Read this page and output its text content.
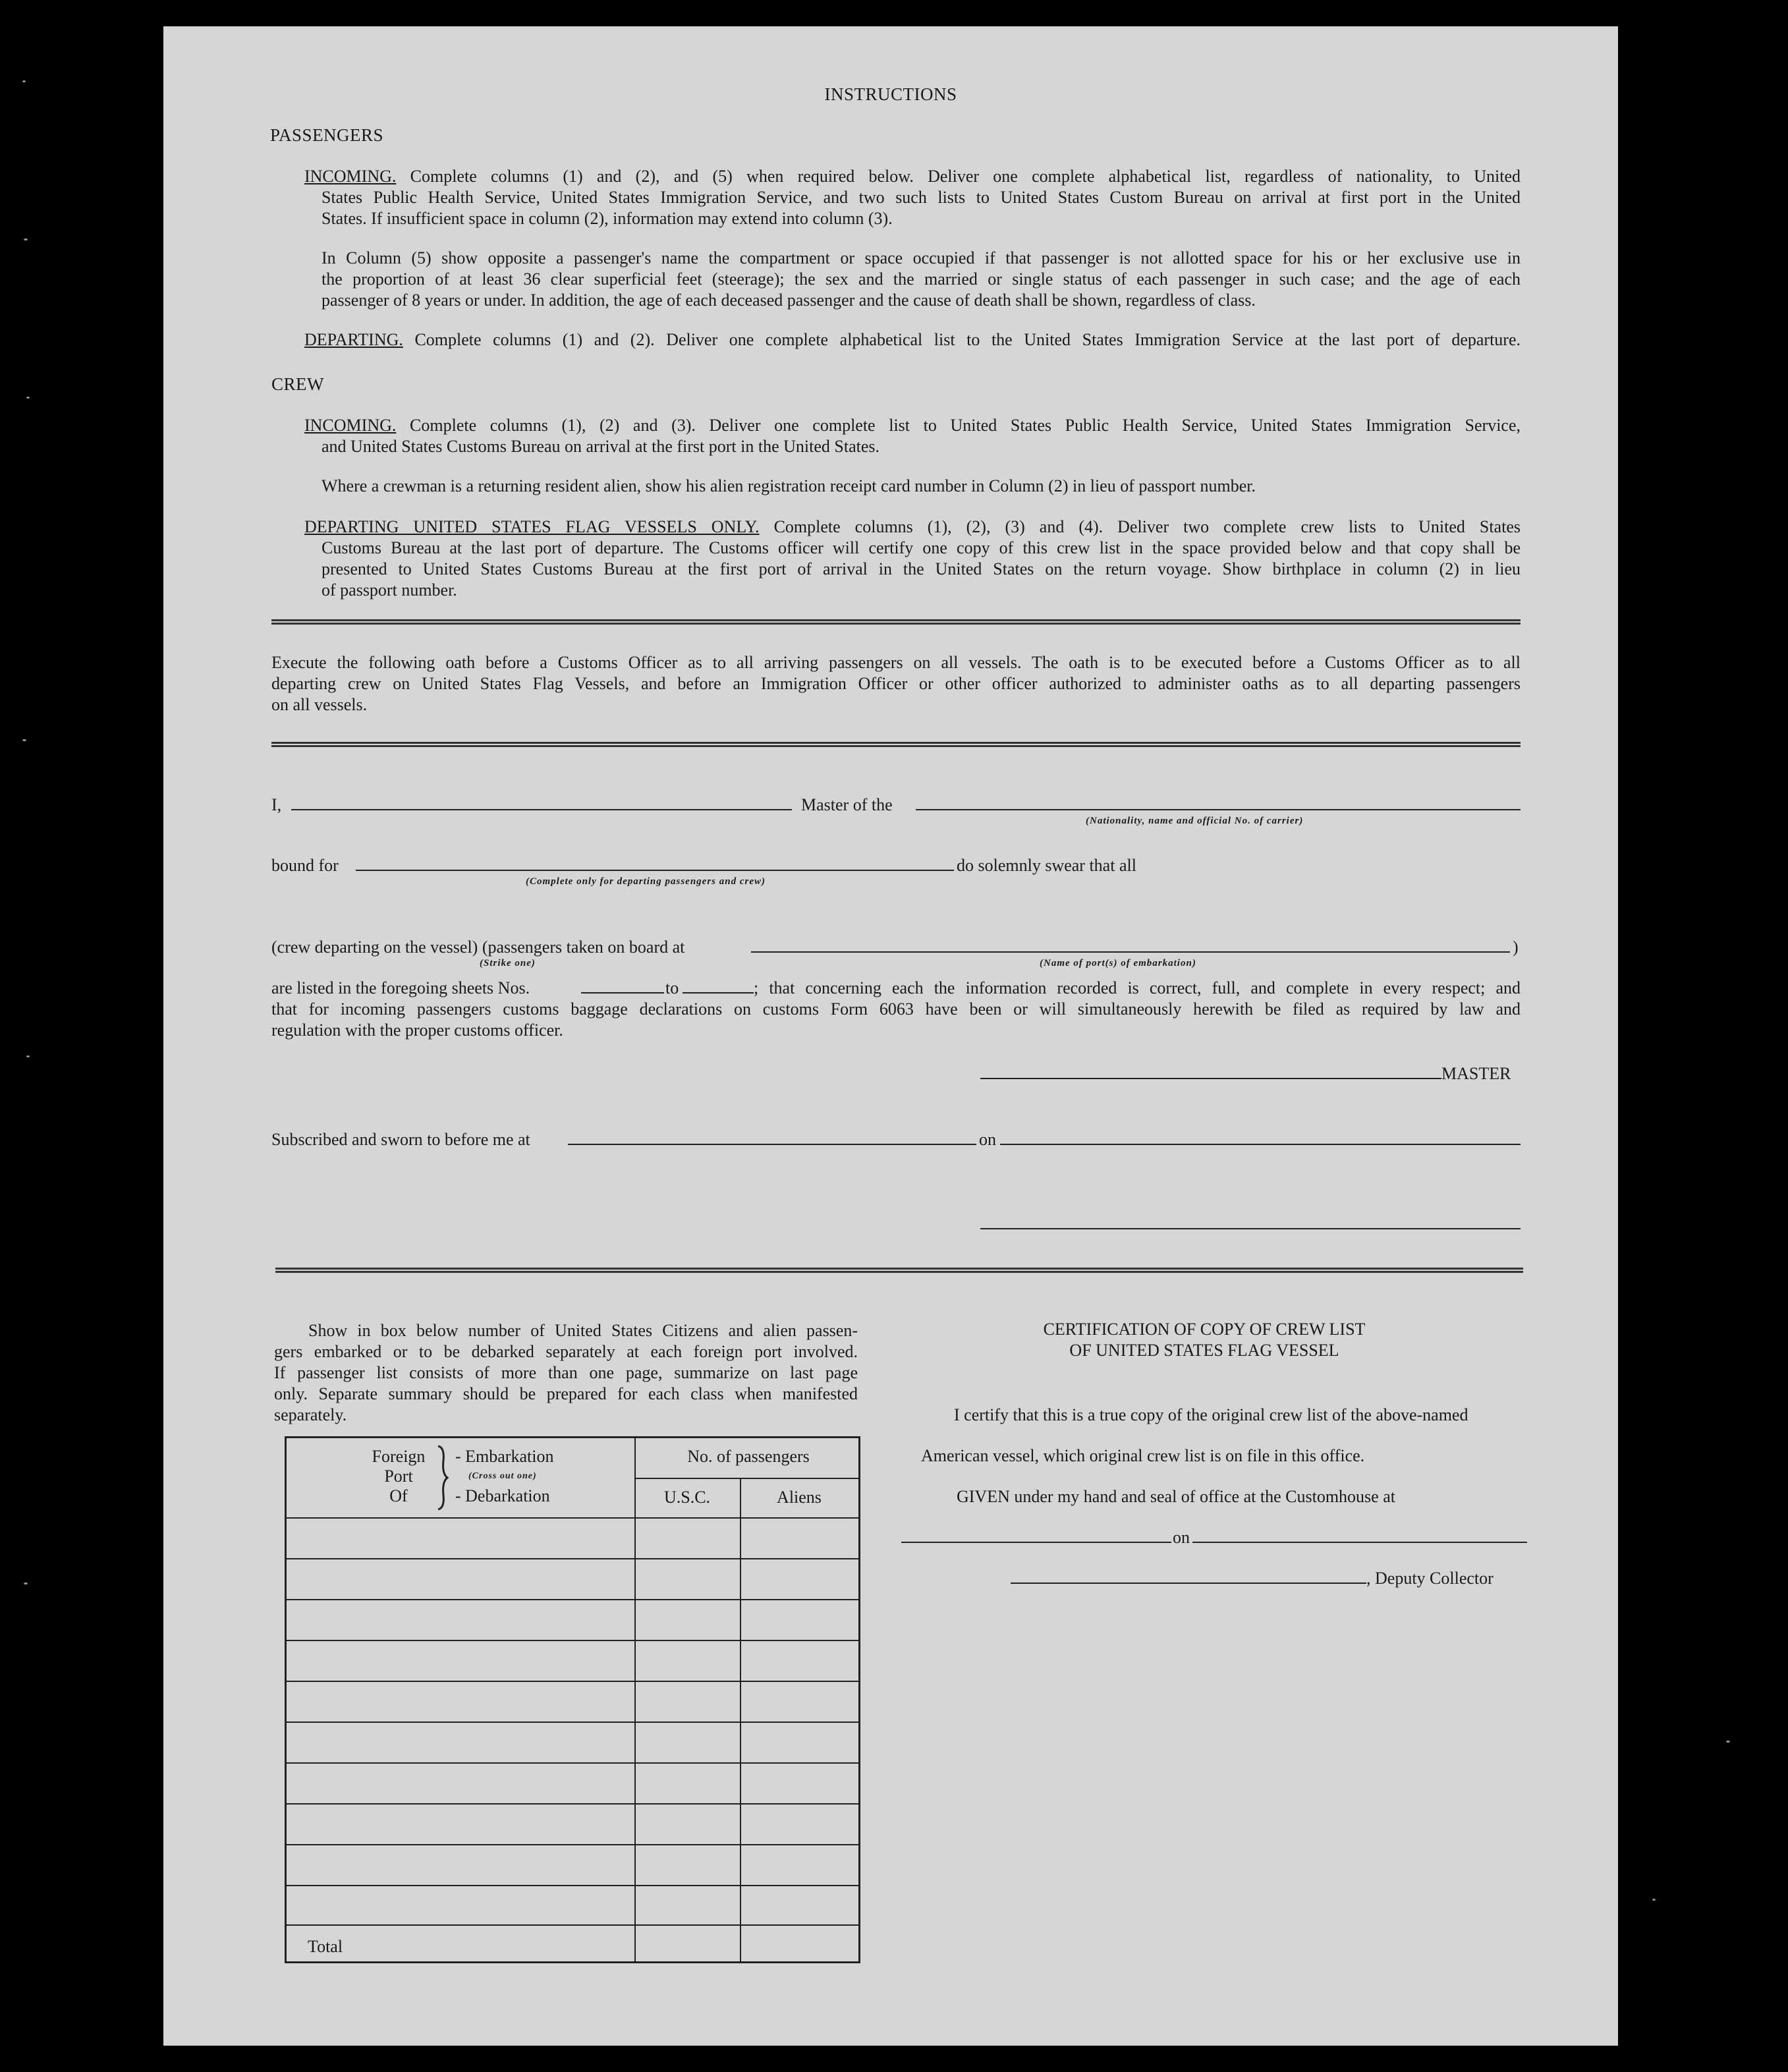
INSTRUCTIONS
PASSENGERS
INCOMING. Complete columns (1) and (2), and (5) when required below. Deliver one complete alphabetical list, regardless of nationality, to United
States Public Health Service, United States Immigration Service, and two such lists to United States Custom Bureau on arrival at first port in the United
States. If insufficient space in column (2), information may extend into column (3).
In Column (5) show opposite a passenger's name the compartment or space occupied if that passenger is not allotted space for his or her exclusive use in
the proportion of at least 36 clear superficial feet (steerage); the sex and the married or single status of each passenger in such case; and the age of each
passenger of 8 years or under. In addition, the age of each deceased passenger and the cause of death shall be shown, regardless of class.
DEPARTING. Complete columns (1) and (2). Deliver one complete alphabetical list to the United States Immigration Service at the last port of departure.
CREW
INCOMING. Complete columns (1), (2) and (3). Deliver one complete list to United States Public Health Service, United States Immigration Service,
and United States Customs Bureau on arrival at the first port in the United States.
Where a crewman is a returning resident alien, show his alien registration receipt card number in Column (2) in lieu of passport number.
DEPARTING UNITED STATES FLAG VESSELS ONLY. Complete columns (1), (2), (3) and (4). Deliver two complete crew lists to United States
Customs Bureau at the last port of departure. The Customs officer will certify one copy of this crew list in the space provided below and that copy shall be
presented to United States Customs Bureau at the first port of arrival in the United States on the return voyage. Show birthplace in column (2) in lieu
of passport number.
Execute the following oath before a Customs Officer as to all arriving passengers on all vessels. The oath is to be executed before a Customs Officer as to all
departing crew on United States Flag Vessels, and before an Immigration Officer or other officer authorized to administer oaths as to all departing passengers
on all vessels.
I,	Master of the
(Nationality, name and official No. of carrier)
bound for	do solemnly swear that all
(Complete only for departing passengers and crew)
(crew departing on the vessel) (passengers taken on board at	)
(Strike one)	(Name of port(s) of embarkation)
are listed in the foregoing sheets Nos.	to	; that concerning each the information recorded is correct, full, and complete in every respect; and
that for incoming passengers customs baggage declarations on customs Form 6063 have been or will simultaneously herewith be filed as required by law and
regulation with the proper customs officer.
MASTER
Subscribed and sworn to before me at	on
Show in box below number of United States Citizens and alien passen-
gers embarked or to be debarked separately at each foreign port involved.
If passenger list consists of more than one page, summarize on last page
only. Separate summary should be prepared for each class when manifested
separately.
Foreign
Port
Of
- Embarkation
(Cross out one)
- Debarkation
No. of passengers
U.S.C.	Aliens
Total
CERTIFICATION OF COPY OF CREW LIST
OF UNITED STATES FLAG VESSEL
I certify that this is a true copy of the original crew list of the above-named
American vessel, which original crew list is on file in this office.
GIVEN under my hand and seal of office at the Customhouse at
on
, Deputy Collector
